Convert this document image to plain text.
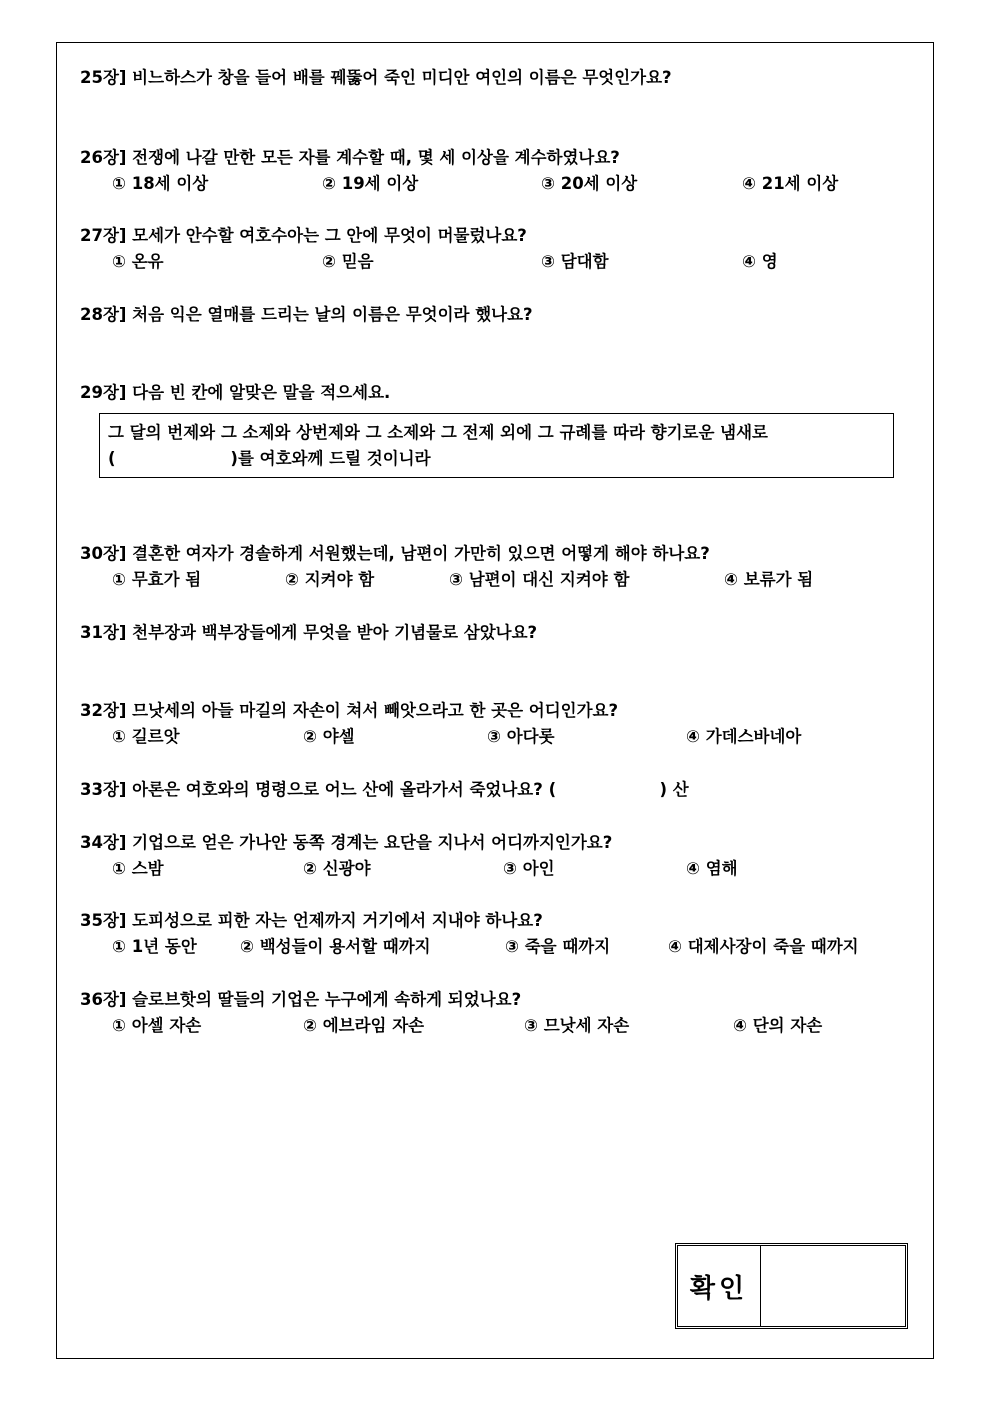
25장] 비느하스가 창을 들어 배를 꿰뚫어 죽인 미디안 여인의 이름은 무엇인가요?
26장] 전쟁에 나갈 만한 모든 자를 계수할 때, 몇 세 이상을 계수하였나요?
① 18세 이상	② 19세 이상	③ 20세 이상	④ 21세 이상
27장] 모세가 안수할 여호수아는 그 안에 무엇이 머물렀나요?
① 온유	② 믿음	③ 담대함	④ 영
28장] 처음 익은 열매를 드리는 날의 이름은 무엇이라 했나요?
29장] 다음 빈 칸에 알맞은 말을 적으세요.
그 달의 번제와 그 소제와 상번제와 그 소제와 그 전제 외에 그 규례를 따라 향기로운 냄새로
(                    )를 여호와께 드릴 것이니라
30장] 결혼한 여자가 경솔하게 서원했는데, 남편이 가만히 있으면 어떻게 해야 하나요?
① 무효가 됨	② 지켜야 함	③ 남편이 대신 지켜야 함	④ 보류가 됨
31장] 천부장과 백부장들에게 무엇을 받아 기념물로 삼았나요?
32장] 므낫세의 아들 마길의 자손이 쳐서 빼앗으라고 한 곳은 어디인가요?
① 길르앗	② 야셀	③ 아다롯	④ 가데스바네아
33장] 아론은 여호와의 명령으로 어느 산에 올라가서 죽었나요? (                  ) 산
34장] 기업으로 얻은 가나안 동쪽 경계는 요단을 지나서 어디까지인가요?
① 스밤	② 신광야	③ 아인	④ 염해
35장] 도피성으로 피한 자는 언제까지 거기에서 지내야 하나요?
① 1년 동안	② 백성들이 용서할 때까지	③ 죽을 때까지	④ 대제사장이 죽을 때까지
36장] 슬로브핫의 딸들의 기업은 누구에게 속하게 되었나요?
① 아셀 자손	② 에브라임 자손	③ 므낫세 자손	④ 단의 자손
확인
